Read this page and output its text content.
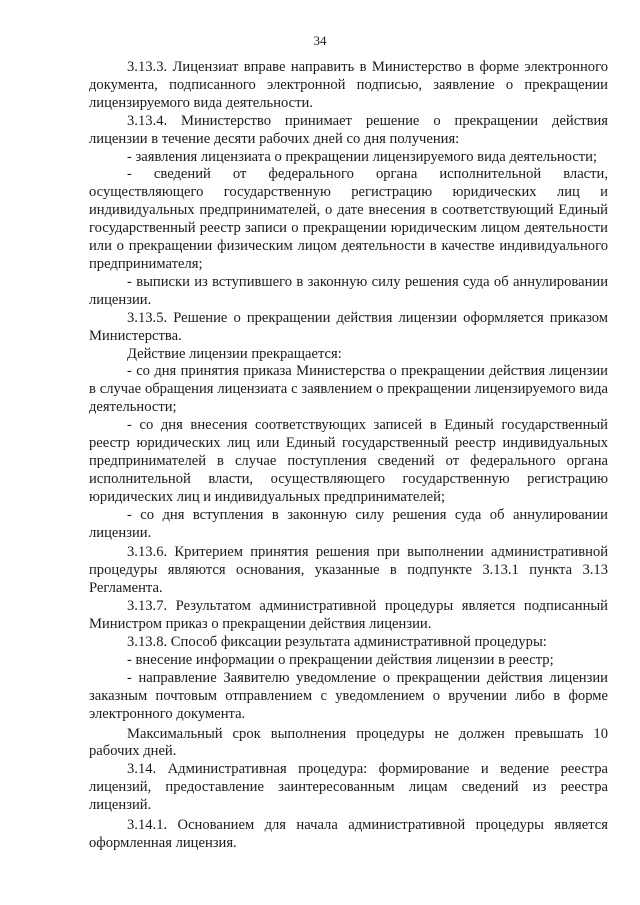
34

3.13.3. Лицензиат вправе направить в Министерство в форме электронного документа, подписанного электронной подписью, заявление о прекращении лицензируемого вида деятельности.

3.13.4. Министерство принимает решение о прекращении действия лицензии в течение десяти рабочих дней со дня получения:

- заявления лицензиата о прекращении лицензируемого вида деятельности;

- сведений от федерального органа исполнительной власти, осуществляющего государственную регистрацию юридических лиц и индивидуальных предпринимателей, о дате внесения в соответствующий Единый государственный реестр записи о прекращении юридическим лицом деятельности или о прекращении физическим лицом деятельности в качестве индивидуального предпринимателя;

- выписки из вступившего в законную силу решения суда об аннулировании лицензии.

3.13.5. Решение о прекращении действия лицензии оформляется приказом Министерства.

Действие лицензии прекращается:

- со дня принятия приказа Министерства о прекращении действия лицензии в случае обращения лицензиата с заявлением о прекращении лицензируемого вида деятельности;

- со дня внесения соответствующих записей в Единый государственный реестр юридических лиц или Единый государственный реестр индивидуальных предпринимателей в случае поступления сведений от федерального органа исполнительной власти, осуществляющего государственную регистрацию юридических лиц и индивидуальных предпринимателей;

- со дня вступления в законную силу решения суда об аннулировании лицензии.

3.13.6. Критерием принятия решения при выполнении административной процедуры являются основания, указанные в подпункте 3.13.1 пункта 3.13 Регламента.

3.13.7. Результатом административной процедуры является подписанный Министром приказ о прекращении действия лицензии.

3.13.8. Способ фиксации результата административной процедуры:

- внесение информации о прекращении действия лицензии в реестр;

- направление Заявителю уведомление о прекращении действия лицензии заказным почтовым отправлением с уведомлением о вручении либо в форме электронного документа.

Максимальный срок выполнения процедуры не должен превышать 10 рабочих дней.

3.14. Административная процедура: формирование и ведение реестра лицензий, предоставление заинтересованным лицам сведений из реестра лицензий.

3.14.1. Основанием для начала административной процедуры является оформленная лицензия.
